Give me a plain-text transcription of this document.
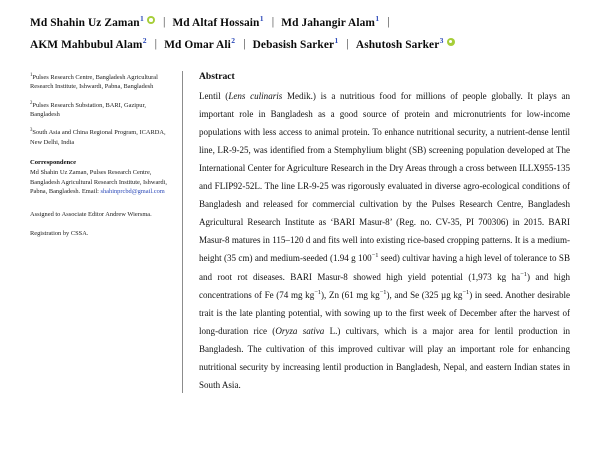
Md Shahin Uz Zaman$^1$ | Md Altaf Hossain$^1$ | Md Jahangir Alam$^1$ |
AKM Mahbubul Alam$^2$ | Md Omar Ali$^2$ | Debasish Sarker$^1$ | Ashutosh Sarker$^3$
$^1$Pulses Research Centre, Bangladesh Agricultural Research Institute, Ishwardi, Pabna, Bangladesh
$^2$Pulses Research Substation, BARI, Gazipur, Bangladesh
$^3$South Asia and China Regional Program, ICARDA, New Delhi, India
Correspondence
Md Shahin Uz Zaman, Pulses Research Centre, Bangladesh Agricultural Research Institute, Ishwardi, Pabna, Bangladesh. Email: shahinprcbd@gmail.com
Assigned to Associate Editor Andrew Wiersma.
Registration by CSSA.
Abstract
Lentil (Lens culinaris Medik.) is a nutritious food for millions of people globally. It plays an important role in Bangladesh as a good source of protein and micronutrients for low-income populations with less access to animal protein. To enhance nutritional security, a nutrient-dense lentil line, LR-9-25, was identified from a Stemphylium blight (SB) screening population developed at The International Center for Agriculture Research in the Dry Areas through a cross between ILLX955-135 and FLIP92-52L. The line LR-9-25 was rigorously evaluated in diverse agro-ecological conditions of Bangladesh and released for commercial cultivation by the Pulses Research Centre, Bangladesh Agricultural Research Institute as ‘BARI Masur-8’ (Reg. no. CV-35, PI 700306) in 2015. BARI Masur-8 matures in 115–120 d and fits well into existing rice-based cropping patterns. It is a medium-height (35 cm) and medium-seeded (1.94 g $100^{-1}$ seed) cultivar having a high level of tolerance to SB and root rot diseases. BARI Masur-8 showed high yield potential (1,973 kg $ha^{-1}$) and high concentrations of Fe (74 mg $kg^{-1}$), Zn (61 mg $kg^{-1}$), and Se (325 µg $kg^{-1}$) in seed. Another desirable trait is the late planting potential, with sowing up to the first week of December after the harvest of long-duration rice (Oryza sativa L.) cultivars, which is a major area for lentil production in Bangladesh. The cultivation of this improved cultivar will play an important role for enhancing nutritional security by increasing lentil production in Bangladesh, Nepal, and eastern Indian states in South Asia.
